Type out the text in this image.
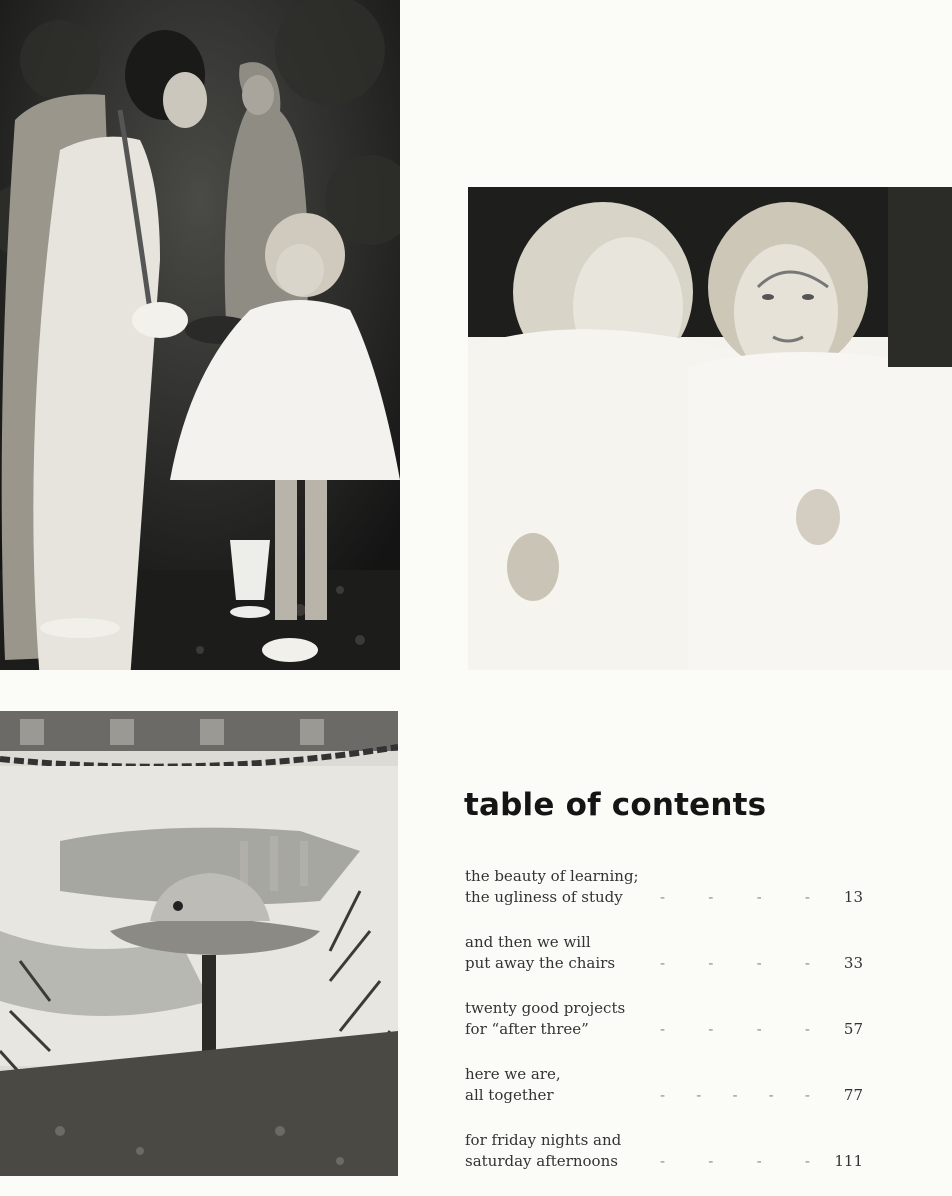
table of contents
the beauty of learning;
the ugliness of study	-	-	-	- 13
and then we will
put away the chairs	-	-	-	- 33
twenty good projects
for “after three”	-	-	-	- 57
here we are,
all together	- - - - - 77
for friday nights and
saturday afternoons	-	-	-	- 111
